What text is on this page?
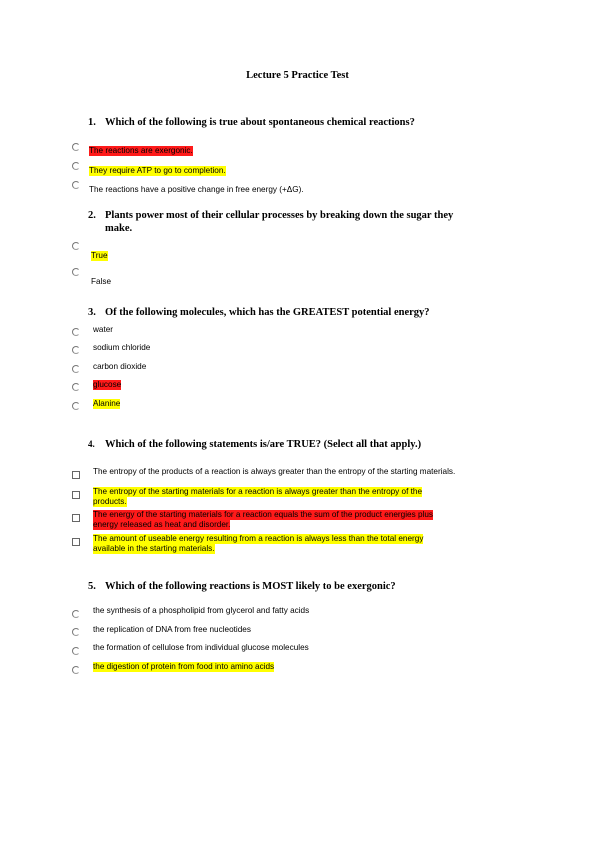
Lecture 5 Practice Test
1. Which of the following is true about spontaneous chemical reactions?
The reactions are exergonic.
They require ATP to go to completion.
The reactions have a positive change in free energy (+ΔG).
2. Plants power most of their cellular processes by breaking down the sugar they
make.
True
False
3. Of the following molecules, which has the GREATEST potential energy?
water
sodium chloride
carbon dioxide
glucose
Alanine
4. Which of the following statements is/are TRUE? (Select all that apply.)
The entropy of the products of a reaction is always greater than the entropy of the starting materials.
The entropy of the starting materials for a reaction is always greater than the entropy of the
products.
The energy of the starting materials for a reaction equals the sum of the product energies plus
energy released as heat and disorder.
The amount of useable energy resulting from a reaction is always less than the total energy
available in the starting materials.
5. Which of the following reactions is MOST likely to be exergonic?
the synthesis of a phospholipid from glycerol and fatty acids
the replication of DNA from free nucleotides
the formation of cellulose from individual glucose molecules
the digestion of protein from food into amino acids
